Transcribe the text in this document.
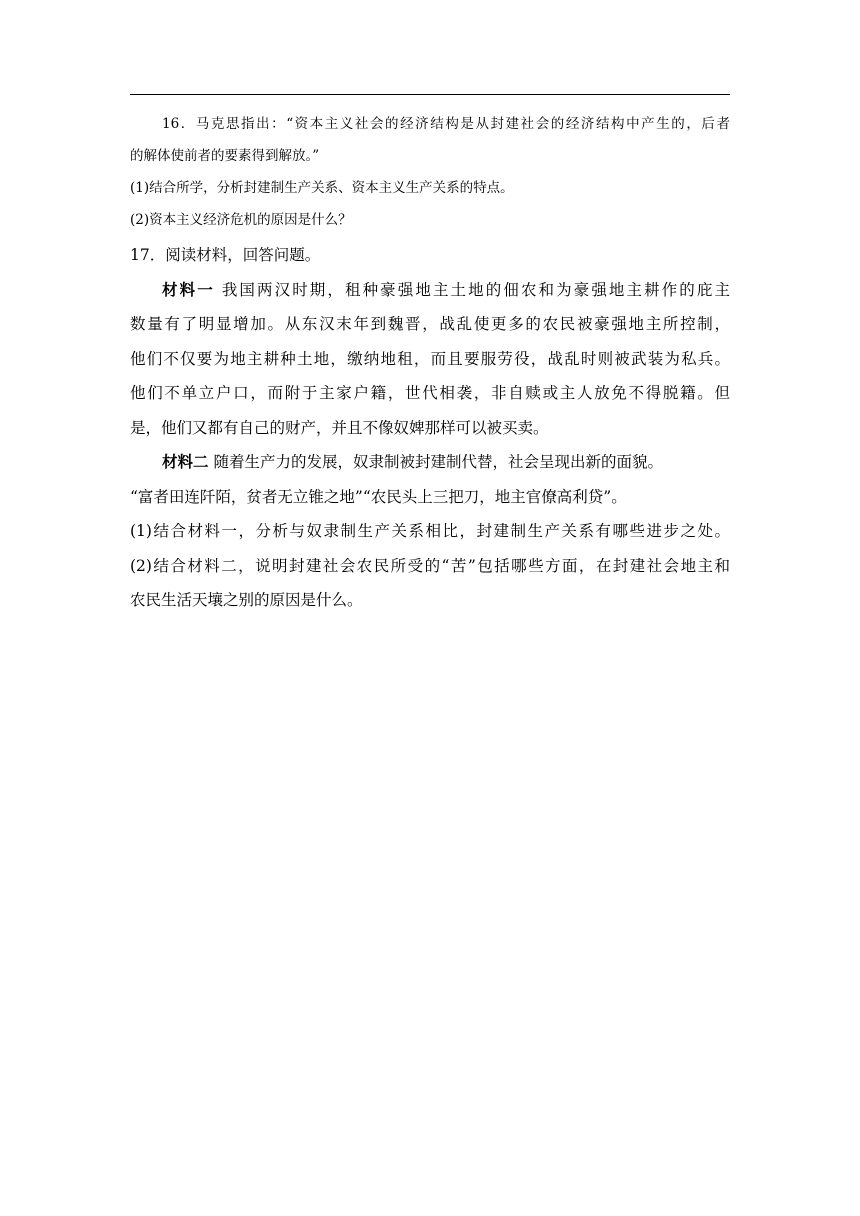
16．马克思指出：“资本主义社会的经济结构是从封建社会的经济结构中产生的，后者

的解体使前者的要素得到解放。”

(1)结合所学，分析封建制生产关系、资本主义生产关系的特点。

(2)资本主义经济危机的原因是什么？

17．阅读材料，回答问题。

材料一 我国两汉时期，租种豪强地主土地的佃农和为豪强地主耕作的庇主

数量有了明显增加。从东汉末年到魏晋，战乱使更多的农民被豪强地主所控制，

他们不仅要为地主耕种土地，缴纳地租，而且要服劳役，战乱时则被武装为私兵。

他们不单立户口，而附于主家户籍，世代相袭，非自赎或主人放免不得脱籍。但

是，他们又都有自己的财产，并且不像奴婢那样可以被买卖。

材料二 随着生产力的发展，奴隶制被封建制代替，社会呈现出新的面貌。

“富者田连阡陌，贫者无立锥之地”“农民头上三把刀，地主官僚高利贷”。

(1)结合材料一，分析与奴隶制生产关系相比，封建制生产关系有哪些进步之处。

(2)结合材料二，说明封建社会农民所受的“苦”包括哪些方面，在封建社会地主和

农民生活天壤之别的原因是什么。
